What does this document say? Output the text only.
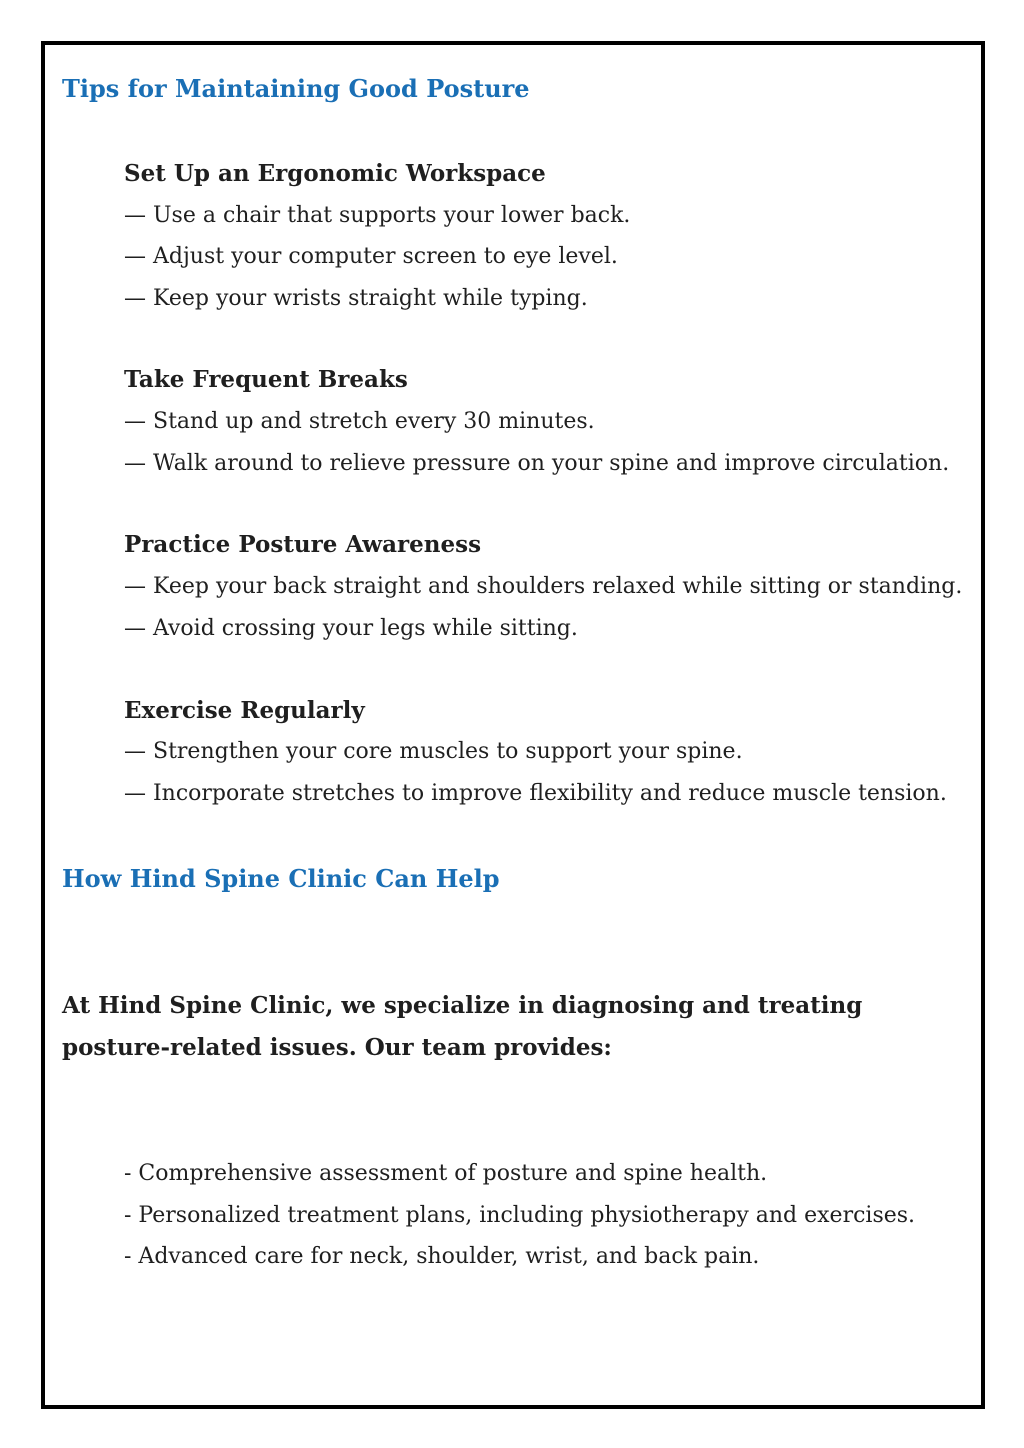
Tips for Maintaining Good Posture
Set Up an Ergonomic Workspace
— Use a chair that supports your lower back.
— Adjust your computer screen to eye level.
— Keep your wrists straight while typing.
Take Frequent Breaks
— Stand up and stretch every 30 minutes.
— Walk around to relieve pressure on your spine and improve circulation.
Practice Posture Awareness
— Keep your back straight and shoulders relaxed while sitting or standing.
— Avoid crossing your legs while sitting.
Exercise Regularly
— Strengthen your core muscles to support your spine.
— Incorporate stretches to improve flexibility and reduce muscle tension.
How Hind Spine Clinic Can Help
At Hind Spine Clinic, we specialize in diagnosing and treating
posture-related issues. Our team provides:
- Comprehensive assessment of posture and spine health.
- Personalized treatment plans, including physiotherapy and exercises.
- Advanced care for neck, shoulder, wrist, and back pain.
